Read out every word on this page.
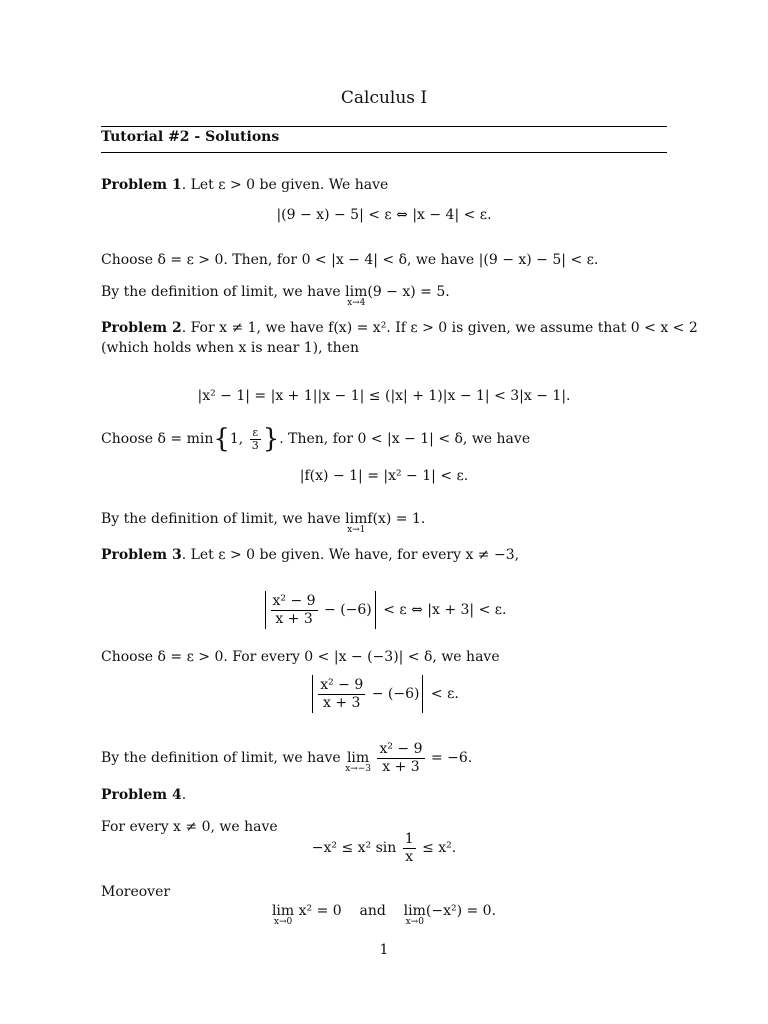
Calculus I
Tutorial #2 - Solutions
Problem 1. Let ε > 0 be given. We have
|(9 − x) − 5| < ε ⇔ |x − 4| < ε.
Choose δ = ε > 0. Then, for 0 < |x − 4| < δ, we have |(9 − x) − 5| < ε.
By the definition of limit, we have lim
x→4
(9 − x) = 5.
Problem 2. For x ≠ 1, we have f(x) = x². If ε > 0 is given, we assume that 0 < x < 2
(which holds when x is near 1), then
|x² − 1| = |x + 1||x − 1| ≤ (|x| + 1)|x − 1| < 3|x − 1|.
Choose δ = min{1, $\frac{\varepsilon}{3}$ }. Then, for 0 < |x − 1| < δ, we have
|f(x) − 1| = |x² − 1| < ε.
By the definition of limit, we have lim
x→1
f(x) = 1.
Problem 3. Let ε > 0 be given. We have, for every x ≠ −3,
$\frac{\text{x² − 9}}{x + 3} - (-6) < \varepsilon$ ⇔ |x + 3| < ε.
Choose δ = ε > 0. For every 0 < |x − (−3)| < δ, we have
$\frac{\text{x² − 9}}{x + 3} - (-6) < \varepsilon$.
By the definition of limit, we have lim
x→−3
$\frac{\text{x² − 9}}{x + 3} = -6$.
Problem 4.
For every x ≠ 0, we have
−x² ≤ x² $\sin \frac{1}{x} \le x^2$.
Moreover
lim
x→0
x² = 0 and lim
x→0
(−x²) = 0.
1
